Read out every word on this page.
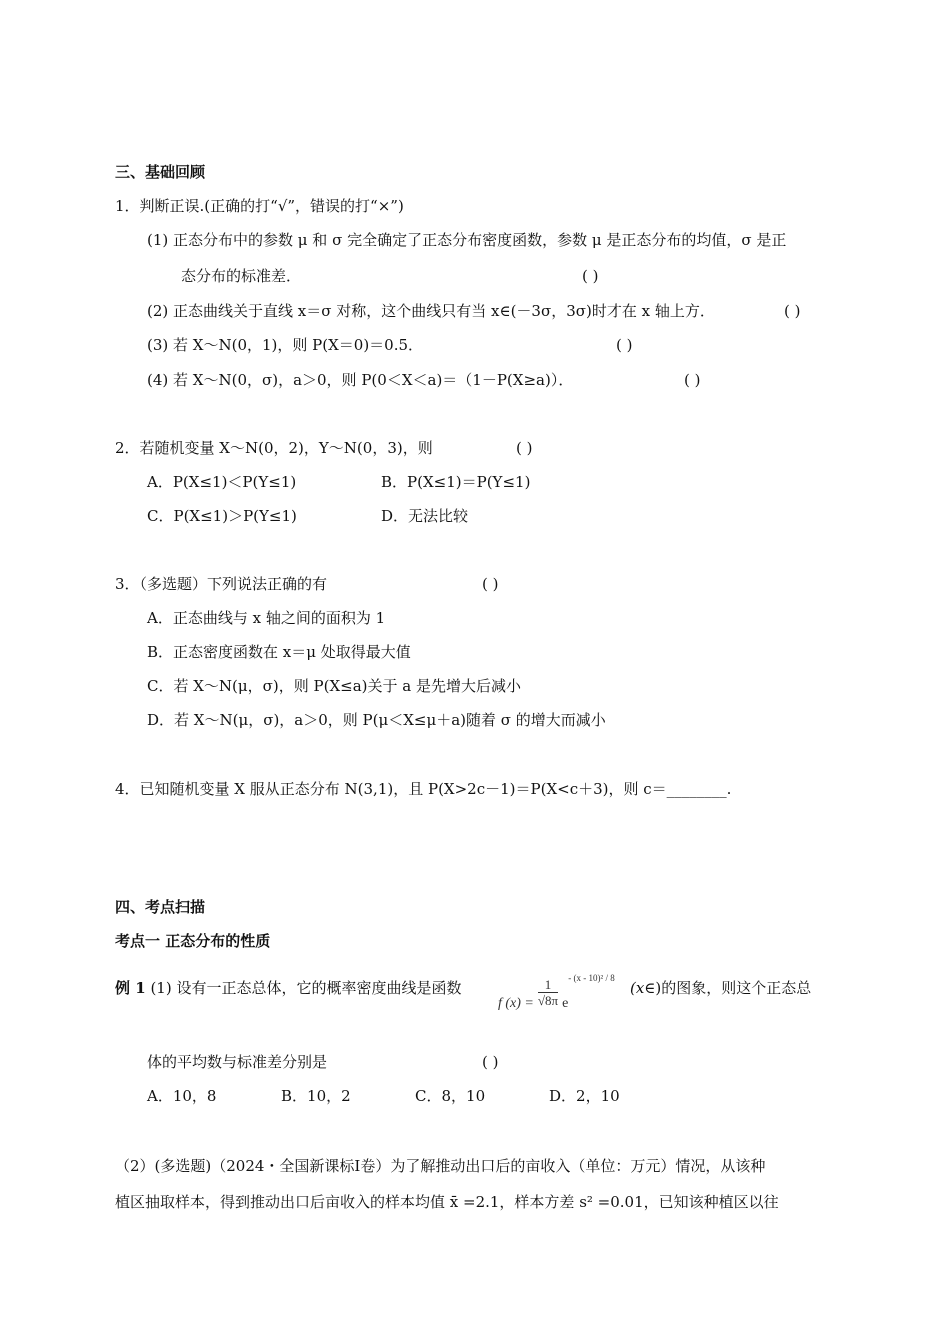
三、基础回顾
1．判断正误.(正确的打“√”，错误的打“×”)
(1) 正态分布中的参数 μ 和 σ 完全确定了正态分布密度函数，参数 μ 是正态分布的均值，σ 是正
态分布的标准差．	( )
(2) 正态曲线关于直线 x＝σ 对称，这个曲线只有当 x∈(－3σ，3σ)时才在 x 轴上方．	( )
(3) 若 X～N(0，1)，则 P(X＝0)＝0.5．	( )
(4) 若 X～N(0，σ)，a＞0，则 P(0＜X＜a)＝（1－P(X≥a)）．	( )
2．若随机变量 X～N(0，2)，Y～N(0，3)，则	( )
A．P(X≤1)＜P(Y≤1)	B．P(X≤1)＝P(Y≤1)
C．P(X≤1)＞P(Y≤1)	D．无法比较
3．（多选题）下列说法正确的有	( )
A．正态曲线与 x 轴之间的面积为 1
B．正态密度函数在 x＝μ 处取得最大值
C．若 X～N(μ，σ)，则 P(X≤a)关于 a 是先增大后减小
D．若 X～N(μ，σ)，a＞0，则 P(μ＜X≤μ＋a)随着 σ 的增大而减小
4．已知随机变量 X 服从正态分布 N(3,1)，且 P(X>2c－1)＝P(X<c＋3)，则 c＝________.
四、考点扫描
考点一 正态分布的性质
例 1 (1) 设有一正态总体，它的概率密度曲线是函数
f $(x) = \frac{1}{√8\pi} e^{- (x - 10)^2 / 8}$
(x∈)的图象，则这个正态总
体的平均数与标准差分别是	( )
A．10，8	B．10，2	C．8，10	D．2，10
（2）(多选题)（2024・全国新课标Ⅰ卷）为了解推动出口后的亩收入（单位：万元）情况，从该种
植区抽取样本，得到推动出口后亩收入的样本均值 x̄ =2.1，样本方差 s² =0.01，已知该种植区以往
